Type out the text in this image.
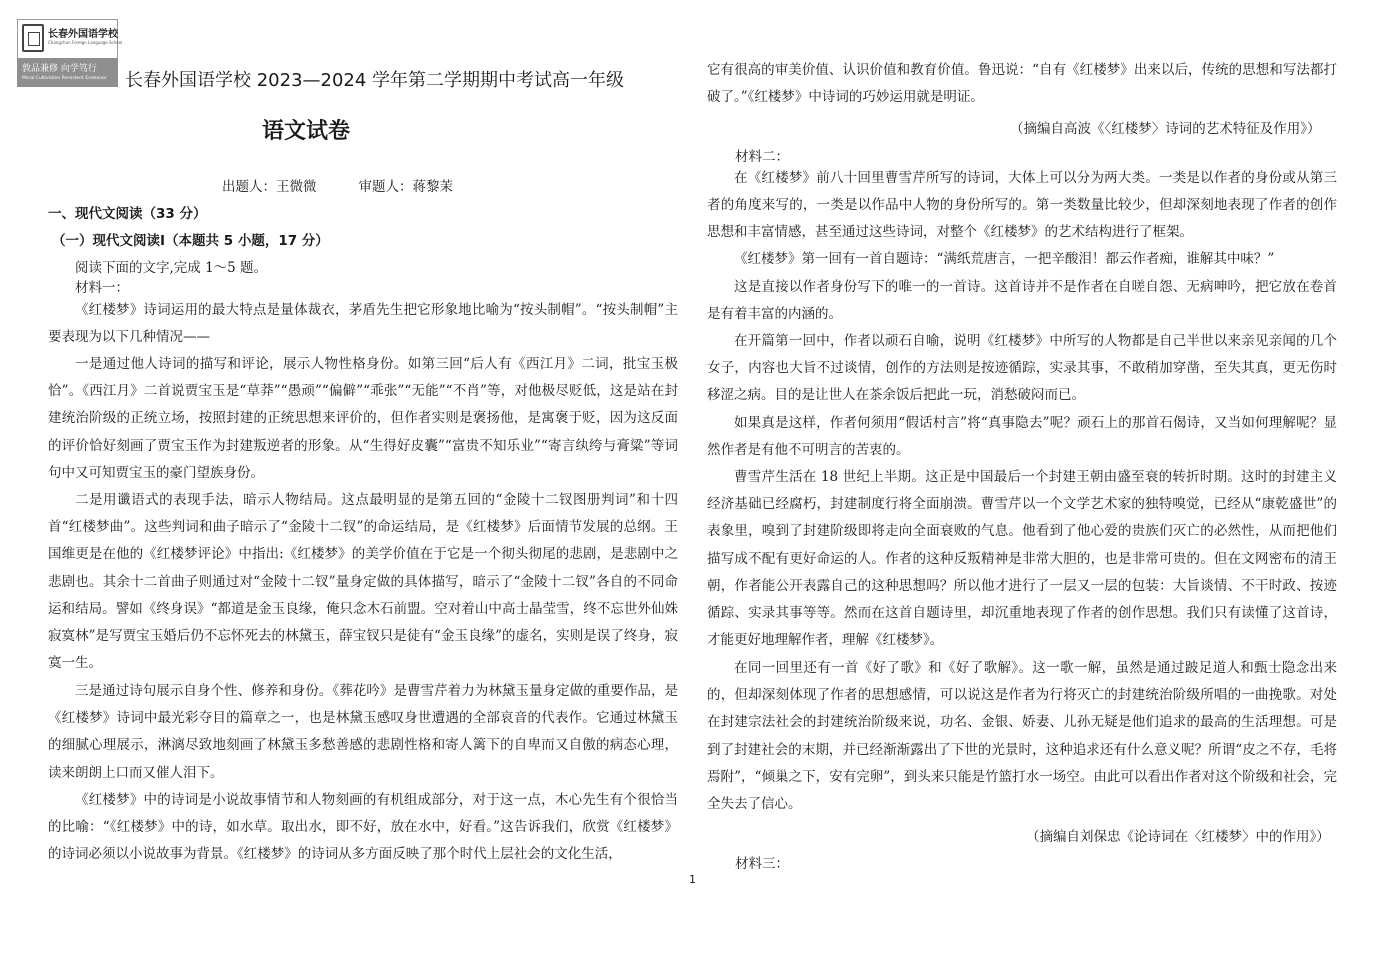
长春外国语学校
Changchun Foreign Language School
敦品兼修 向学笃行
Moral Cultivation Persistent Endeavor	长春外国语学校 2023—2024 学年第二学期期中考试高一年级
语文试卷
出题人：王微微	审题人：蒋黎茉
一、现代文阅读（33 分）
（一）现代文阅读Ⅰ（本题共 5 小题，17 分）
阅读下面的文字,完成 1～5 题。
材料一：

《红楼梦》诗词运用的最大特点是量体裁衣，茅盾先生把它形象地比喻为“按头制帽”。“按头制帽”主要表现为以下几种情况——

一是通过他人诗词的描写和评论，展示人物性格身份。如第三回“后人有《西江月》二词，批宝玉极恰”。《西江月》二首说贾宝玉是“草莽”“愚顽”“偏僻”“乖张”“无能”“不肖”等，对他极尽贬低，这是站在封建统治阶级的正统立场，按照封建的正统思想来评价的，但作者实则是褒扬他，是寓褒于贬，因为这反面的评价恰好刻画了贾宝玉作为封建叛逆者的形象。从“生得好皮囊”“富贵不知乐业”“寄言纨绔与膏粱”等词句中又可知贾宝玉的豪门望族身份。

二是用谶语式的表现手法，暗示人物结局。这点最明显的是第五回的“金陵十二钗图册判词”和十四首“红楼梦曲”。这些判词和曲子暗示了“金陵十二钗”的命运结局，是《红楼梦》后面情节发展的总纲。王国维更是在他的《红楼梦评论》中指出:《红楼梦》的美学价值在于它是一个彻头彻尾的悲剧，是悲剧中之悲剧也。其余十二首曲子则通过对“金陵十二钗”量身定做的具体描写，暗示了“金陵十二钗”各自的不同命运和结局。譬如《终身误》“都道是金玉良缘，俺只念木石前盟。空对着山中高士晶莹雪，终不忘世外仙姝寂寞林”是写贾宝玉婚后仍不忘怀死去的林黛玉，薛宝钗只是徒有“金玉良缘”的虚名，实则是误了终身，寂寞一生。

三是通过诗句展示自身个性、修养和身份。《葬花吟》是曹雪芹着力为林黛玉量身定做的重要作品，是《红楼梦》诗词中最光彩夺目的篇章之一，也是林黛玉感叹身世遭遇的全部哀音的代表作。它通过林黛玉的细腻心理展示，淋漓尽致地刻画了林黛玉多愁善感的悲剧性格和寄人篱下的自卑而又自傲的病态心理，读来朗朗上口而又催人泪下。

《红楼梦》中的诗词是小说故事情节和人物刻画的有机组成部分，对于这一点，木心先生有个很恰当的比喻：“《红楼梦》中的诗，如水草。取出水，即不好，放在水中，好看。”这告诉我们，欣赏《红楼梦》的诗词必须以小说故事为背景。《红楼梦》的诗词从多方面反映了那个时代上层社会的文化生活，

它有很高的审美价值、认识价值和教育价值。鲁迅说：“自有《红楼梦》出来以后，传统的思想和写法都打破了。”《红楼梦》中诗词的巧妙运用就是明证。

（摘编自高波《〈红楼梦〉诗词的艺术特征及作用》）
材料二：

在《红楼梦》前八十回里曹雪芹所写的诗词，大体上可以分为两大类。一类是以作者的身份或从第三者的角度来写的，一类是以作品中人物的身份所写的。第一类数量比较少，但却深刻地表现了作者的创作思想和丰富情感，甚至通过这些诗词，对整个《红楼梦》的艺术结构进行了框架。

《红楼梦》第一回有一首自题诗：“满纸荒唐言，一把辛酸泪！都云作者痴，谁解其中味？”

这是直接以作者身份写下的唯一的一首诗。这首诗并不是作者在自嗟自怨、无病呻吟，把它放在卷首是有着丰富的内涵的。

在开篇第一回中，作者以顽石自喻，说明《红楼梦》中所写的人物都是自己半世以来亲见亲闻的几个女子，内容也大旨不过谈情，创作的方法则是按迹循踪，实录其事，不敢稍加穿凿，至失其真，更无伤时移涩之病。目的是让世人在茶余饭后把此一玩，消愁破闷而已。

如果真是这样，作者何须用“假话村言”将“真事隐去”呢？顽石上的那首石偈诗，又当如何理解呢？显然作者是有他不可明言的苦衷的。

曹雪芹生活在 18 世纪上半期。这正是中国最后一个封建王朝由盛至衰的转折时期。这时的封建主义经济基础已经腐朽，封建制度行将全面崩溃。曹雪芹以一个文学艺术家的独特嗅觉，已经从“康乾盛世”的表象里，嗅到了封建阶级即将走向全面衰败的气息。他看到了他心爱的贵族们灭亡的必然性，从而把他们描写成不配有更好命运的人。作者的这种反叛精神是非常大胆的，也是非常可贵的。但在文网密布的清王朝，作者能公开表露自己的这种思想吗？所以他才进行了一层又一层的包装：大旨谈情、不干时政、按迹循踪、实录其事等等。然而在这首自题诗里，却沉重地表现了作者的创作思想。我们只有读懂了这首诗，才能更好地理解作者，理解《红楼梦》。

在同一回里还有一首《好了歌》和《好了歌解》。这一歌一解，虽然是通过跛足道人和甄士隐念出来的，但却深刻体现了作者的思想感情，可以说这是作者为行将灭亡的封建统治阶级所唱的一曲挽歌。对处在封建宗法社会的封建统治阶级来说，功名、金银、娇妻、儿孙无疑是他们追求的最高的生活理想。可是到了封建社会的末期，并已经渐渐露出了下世的光景时，这种追求还有什么意义呢？所谓“皮之不存，毛将焉附”，“倾巢之下，安有完卵”，到头来只能是竹篮打水一场空。由此可以看出作者对这个阶级和社会，完全失去了信心。

（摘编自刘保忠《论诗词在〈红楼梦〉中的作用》）
材料三：
1
